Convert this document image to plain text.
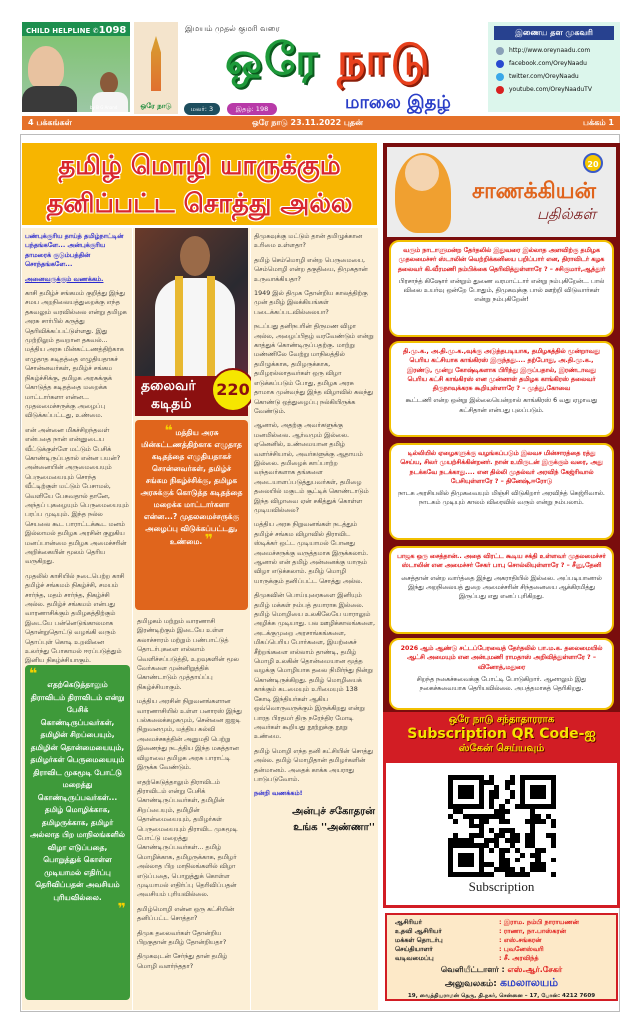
CHILD HELPLINE ✆1098
by B G Anand	ஒரே நாடு
இமயம் முதல் குமரி வரை
ஒரே நாடு
மலர்: 3	இதழ்: 198	மாலை இதழ்
இணைய தள முகவரி
http://www.oreynaadu.com
facebook.com/OreyNaadu
twitter.com/OreyNaadu
youtube.com/OreyNaaduTV
4 பக்கங்கள்	ஒரே நாடு 23.11.2022 புதன்	பக்கம் 1
தமிழ் மொழி யாருக்கும்
தனிப்பட்ட சொத்து அல்ல

பண்புக்குரிய தாய்த் தமிழ்நாட்டின் பந்தங்களே... அன்புக்குரிய தாமரைக் குடும்பத்தின் சொந்தங்களே...

அனைவருக்கும் வணக்கம்.

காசி தமிழ்ச் சங்கமம் குறித்து இந்து சமய அறநிலையத்துறைக்கு எந்த தகவலும் வரவில்லை என்று தமிழக அரசு சார்பில் கருத்து தெரிவிக்கப்பட்டுள்ளது. இது முற்றிலும் தவறான தகவல்... மத்திய அரசு மின்கட்டணத்திற்காக எழுதாத கடிதத்தை எழுதியதாகச் சொன்னவர்கள், தமிழ்ச் சங்கம நிகழ்ச்சிக்கு, தமிழக அரசுக்குக் கொடுத்த கடிதத்தை மறைக்க மாட்டார்களா என்ன... முதலமைச்சருக்கு அழைப்பு விடுக்கப்பட்டது, உண்மை.

என் அன்னை மிகச்சிறந்தவள் என்பதை நான் என்னுடைய வீட்டுக்குள்ளே மட்டும் பேசிக் கொண்டிருப்பதால் என்ன பயன்? அன்னையின் அருமையையும் பெருமையையும் சொந்த வீட்டிற்குள் மட்டும் பேசாமல், வெளியே பேசுவதால் தானே, அந்தப் புகழையும் பெருமையையும் பரப்ப முடியும். இந்த நல்ல செயலை கூட பாராட்டக்கூட மனம் இல்லாமல் தமிழக அரசின் குறுகிய மனப்பான்மை தமிழக அமைச்சரின் அறிக்கையின் மூலம் தெரிய வருகிறது.

முதலில் காசியில் நடைபெற்ற காசி தமிழ்ச் சங்கமம் நிகழ்ச்சி, சமயம் சார்ந்த, மதம் சார்ந்த, நிகழ்ச்சி அல்ல. தமிழ்ச் சங்கமம் என்பது வாரணாசிக்கும் தமிழகத்திற்கும் இடையே பன்னெடுங்காலமாக தொன்றுதொட்டு வழங்கி வரும் தொப்புள் கொடி உறவினை உலர்ந்து போகாமல் ஈரப்படுத்தும் இனிய நிகழ்ச்சியாகும்.

❝
எதற்கெடுத்தாலும் திராவிடம் திராவிடம் என்று பேசிக் கொண்டிருப்பவர்கள், தமிழின் சிறப்பையும், தமிழின் தொன்மையையும், தமிழர்கள் பெருமையையும் திராவிட முகமூடி போட்டு மறைத்து கொண்டிருப்பவர்கள்... தமிழ் மொழிக்காக, தமிழருக்காக, தமிழர் அல்லாத பிற மாநிலங்களில் விழா எடுப்பதை, பொறுத்துக் கொள்ள முடியாமல் எதிர்ப்பு தெரிவிப்பதன் அவசியம் புரியவில்லை.
❞
தலைவர்
கடிதம்
220
❝ மத்திய அரசு மின்கட்டணத்திற்காக எழுதாத கடிதத்தை எழுதியதாகச் சொன்னவர்கள், தமிழ்ச் சங்கம நிகழ்ச்சிக்கு, தமிழக அரசுக்குக் கொடுத்த கடிதத்தை மறைக்க மாட்டார்களா என்ன...? முதலமைச்சருக்கு அழைப்பு விடுக்கப்பட்டது, உண்மை. ❞

தமிழகம் மற்றும் வாரணாசி இரண்டிற்கும் இடையே உள்ள கலாச்சாரம் மற்றும் பண்பாட்டுத் தொடர்புகளை எல்லாம் வெளிச்சப்படுத்தி, உறவுகளின் மூல வேர்களை முன்னிறுத்திக் கொண்டாடும் முத்தாய்ப்பு நிகழ்ச்சியாகும்.

மத்திய அரசின் நிறுவனங்களான வாரணாசியில் உள்ள பனாரஸ் இந்து பல்கலைக்கழகமும், சென்னை ஐஐடி நிறுவனமும், மத்திய கல்வி அமைச்சகத்தின் அனுமதி பெற்று இணைந்து நடத்திய இந்த மகத்தான விழாவை தமிழக அரசு பாராட்டி இருக்க வேண்டும்.

எதற்கெடுத்தாலும் திராவிடம் திராவிடம் என்று பேசிக் கொண்டிருப்பவர்கள், தமிழின் சிறப்பையும், தமிழின் தொன்மையையும், தமிழர்கள் பெருமையையும் திராவிட முகமூடி போட்டு மறைத்து கொண்டிருப்பவர்கள்... தமிழ் மொழிக்காக, தமிழருக்காக, தமிழர் அல்லாத பிற மாநிலங்களில் விழா எடுப்பதை, பொறுத்துக் கொள்ள முடியாமல் எதிர்ப்பு தெரிவிப்பதன் அவசியம் புரியவில்லை.

தமிழ்மொழி என்ன ஒரு கட்சியின் தனிப்பட்ட சொத்தா?

திமுக தலைவர்கள் தோன்றிய பிறகுதான் தமிழ் தோன்றியதா?

திமுகவுடன் சேர்ந்து தான் தமிழ் மொழி வளர்ந்ததா?

திமுகவுக்கு மட்டும் தான் தமிழுக்கான உரிமை உள்ளதா?

தமிழ் செம்மொழி என்ற பெருமையை, செம்மொழி என்ற தகுதியை, திமுகதான் உருவாக்கியதா?

1949 இல் திமுக தோன்றிய காலத்திற்கு முன் தமிழ் இலக்கியங்கள் படைக்கப்படவில்லையா?

நடப்பது தனிநபரின் திருமண விழா அல்ல, அழைப்பிதழ் வரவேண்டும் என்று காத்துக் கொண்டிருப்பதற்கு. மாற்று மண்ணிலே வேற்று மாநிலத்தில் தமிழுக்காக, தமிழருக்காக, தமிழரல்லாதவர்கள் ஒரு விழா எடுக்கப்படும் போது, தமிழக அரசு தாமாக முன்வந்து இந்த விழாவில் கலந்து கொண்டு ஒத்துழைப்பு நல்கியிருக்க வேண்டும்.

ஆனால், அதற்கு அவர்களுக்கு மனமில்லை. ஆர்வமும் இல்லை. ஏனெனில், உண்மையான தமிழ் வளர்ச்சியால், அவர்களுக்கு ஆதாயம் இல்லை. தமிழைக் காப்பாற்ற வந்தவர்களாக தங்களை அடையாளப்படுத்துபவர்கள், தமிழை தலையில் மகுடம் சூட்டிக் கொண்டாடும் இந்த விழாவை ஏன் சகித்துக் கொள்ள முடியவில்லை?

மத்திய அரசு நிறுவனங்கள் நடத்தும் தமிழ்ச் சங்கம விழாவில் திராவிட ஸ்டிக்கர் ஒட்ட முடியாமல் போனது அமைச்சருக்கு வருத்தமாக இருக்கலாம். ஆனால் என் தமிழ் அன்னைக்கு யாரும் விழா எடுக்கலாம். தமிழ் மொழி யாருக்கும் தனிப்பட்ட சொத்து அல்ல.

திமுகவின் பொய்யுரைகளை இனியும் தமிழ் மக்கள் நம்பத் தயாராக இல்லை. தமிழ் மொழியை உலகிலேயே யாராலும் அழிக்க முடியாது. பல ஊழிக்காலங்களை, அடக்குமுறை அரசாங்கங்களை, மிகப்பெரிய போர்களை, இயற்கைச் சீற்றங்களை எல்லாம் தாண்டி, தமிழ் மொழி உலகின் தொன்மையான மூத்த வழக்கு மொழியாக தலை நிமிர்ந்து நின்று கொண்டிருக்கிறது. தமிழ் மொழியைக் காக்கும் கடமையும் உரிமையும் 138 கோடி இந்தியர்கள் ஆகிய ஒவ்வொருவருக்கும் இருக்கிறது என்று பாரத பிரதமர் திரு நரேந்திர மோடி அவர்கள் கூறியது நூற்றுக்கு நூறு உண்மை.

தமிழ் மொழி எந்த தனி கட்சியின் சொத்து அல்ல. தமிழ் மொழிதான் தமிழர்களின் தன்மானம். அதைக் காக்க அயராது பாடுபடுவோம்.

நன்றி வணக்கம்!

அன்புச் சகோதரன்
உங்க ''அண்ணா''
20
சாணக்கியன்
பதில்கள்
வரும் நாடாளுமன்ற தேர்தலில் இதுவரை இல்லாத அளவிற்கு தமிழக முதலமைச்சர் ஸ்டாலின் வெற்றிக்கனியை பறிப்பார் என, திராவிடர் கழக தலைவர் கி.வீரமணி நம்பிக்கை தெரிவித்துள்ளாரே ? – சசிகுமார்,ஆத்தூர்
பிரசாந்த் கிஷோர் என்றும் துணை வரமாட்டார் என்று நம்புகிறேன்... பால் விலை உயர்வு ஒன்றே போதும், திமுகவுக்கு பால் ஊற்றி விடுவார்கள் என்று நம்புகிறேன்!
தி.மு.க., அ.தி.மு.க.,வுக்கு அடுத்தபடியாக, தமிழகத்தில் மூன்றாவது பெரிய கட்சியாக காங்கிரஸ் இருந்தது.... தற்போது, அ.தி.மு.க., இரண்டு, மூன்று கோஷ்டிகளாக பிரிந்து இருப்பதால், இரண்டாவது பெரிய கட்சி காங்கிரஸ் என முன்னாள் தமிழக காங்கிரஸ் தலைவர் திருநாவுக்கரசு கூறியுள்ளாரே ? – முத்து,கோவை
கூட்டணி என்ற ஒன்று இல்லையென்றால் காங்கிரஸ் 6 வது ஏழாவது கட்சிதான் என்பது புலப்படும்.
டில்லியில் ஏழைகளுக்கு வழங்கப்படும் இலவச மின்சாரத்தை ரத்து செய்ய, சிலர் முயற்சிக்கின்றனர். நான் உயிருடன் இருக்கும் வரை, அது நடக்கவே நடக்காது.... என தில்லி முதல்வர் அரவிந் கேஜ்ரிவால் பேசியுள்ளாரே ? – தினேஷ்,ஈரோடு
நாடக அரசியலில் திமுகவையும் மிஞ்சி விடுகிறார் அரவிந்த் கெஜ்ரிவால். நாடகம் முடியும் காலம் விரைவில் வரும் என்று நம்பலாம்.
பாஜக ஒரு சைத்தான்.. அதை விரட்ட கூடிய சக்தி உள்ளவர் முதலமைச்சர் ஸ்டாலின் என அமைச்சர் சேகர் பாபு சொல்லியுள்ளாரே ? – சீனு,தேனி
சைத்தான் என்ற வார்த்தை இந்து அகராதியில் இல்லை. அப்படியானால் இந்து அறநிலையத் துறை அமைச்சரின் சிந்தனையை ஆக்கிரமித்து இருப்பது எது எனப் புரிகிறது.
2026 ஆம் ஆண்டு சட்டப்பேரவைத் தேர்தலில் பா.ம.க. தலைமையில் ஆட்சி அமையும் என அன்புமணி ராமதாஸ் அறிவித்துள்ளாரே ? – வினோத்,மதுரை
சிறந்த நகைச்சுவைக்கு போட்டி போடுகிறார். ஆனாலும் இது நகைச்சுவையாக தெரியவில்லை. அபத்தமாகத் தெரிகிறது.
ஒரே நாடு சந்தாதாரராக
Subscription QR Code-ஐ
ஸ்கேன் செய்யவும்
Subscription
ஆசிரியர்	: இராம. நம்பி நாராயணன்
உதவி ஆசிரியர்	: ராணா, நா.பாஸ்கரன்
மக்கள் தொடர்பு	: எஸ்.சங்கரன்
செய்தியாளர்	: புவனேஸ்வரி
வடிவமைப்பு	: சீ. அரவிந்த்
வெளியீட்டாளர் : எஸ்.ஆர்.சேகர்
அலுவலகம்: கமலாலயம்
19, வைத்தியராமன் தெரு, தி.நகர், சென்னை – 17, போன்: 4212 7609
